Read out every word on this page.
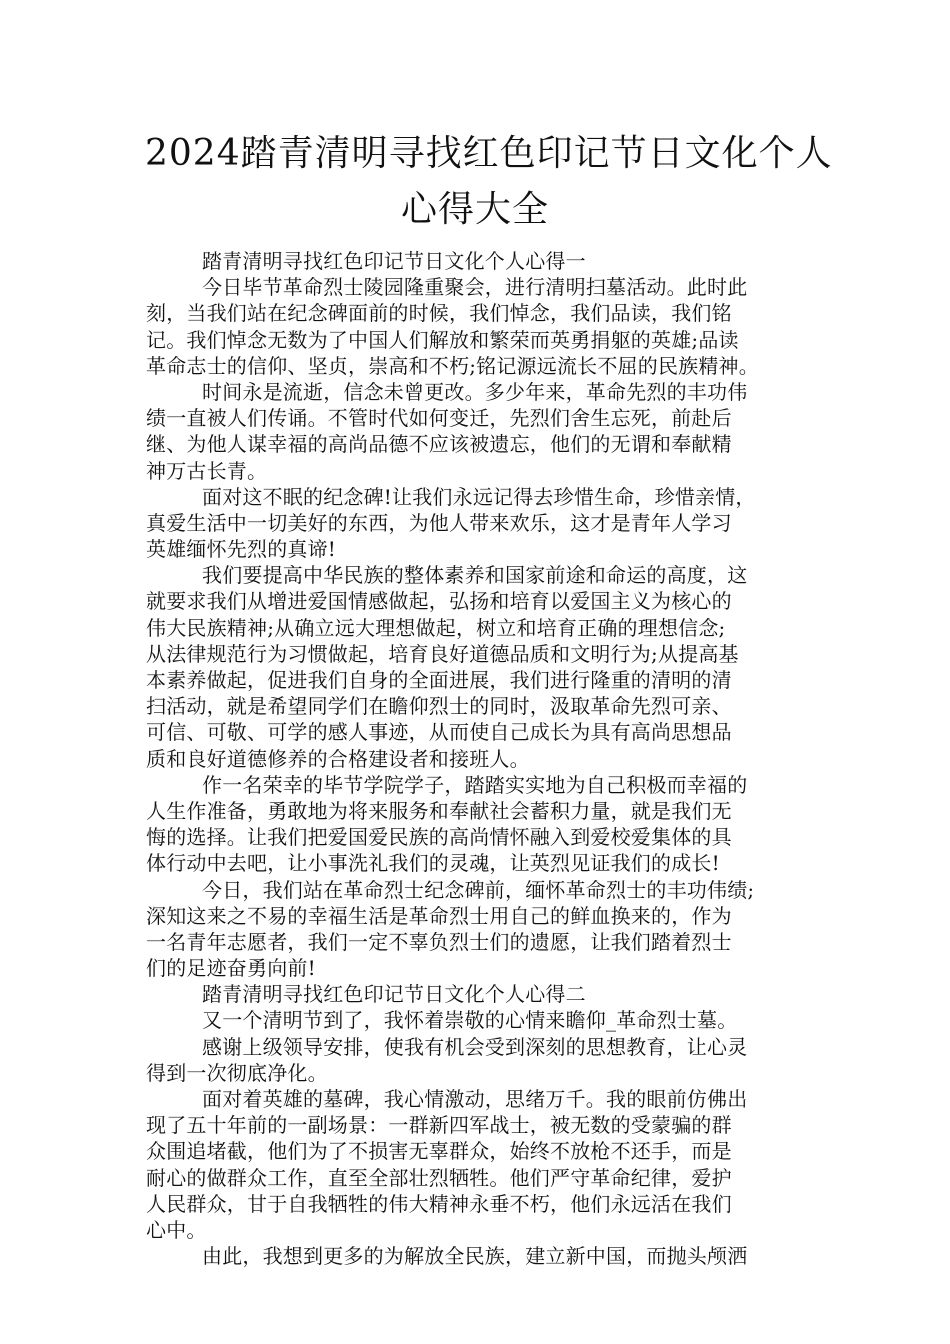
2024踏青清明寻找红色印记节日文化个人
心得大全
踏青清明寻找红色印记节日文化个人心得一
今日毕节革命烈士陵园隆重聚会，进行清明扫墓活动。此时此
刻，当我们站在纪念碑面前的时候，我们悼念，我们品读，我们铭
记。我们悼念无数为了中国人们解放和繁荣而英勇捐躯的英雄;品读
革命志士的信仰、坚贞，崇高和不朽;铭记源远流长不屈的民族精神。
时间永是流逝，信念未曾更改。多少年来，革命先烈的丰功伟
绩一直被人们传诵。不管时代如何变迁，先烈们舍生忘死，前赴后
继、为他人谋幸福的高尚品德不应该被遗忘，他们的无谓和奉献精
神万古长青。
面对这不眠的纪念碑!让我们永远记得去珍惜生命，珍惜亲情，
真爱生活中一切美好的东西，为他人带来欢乐，这才是青年人学习
英雄缅怀先烈的真谛!
我们要提高中华民族的整体素养和国家前途和命运的高度，这
就要求我们从增进爱国情感做起，弘扬和培育以爱国主义为核心的
伟大民族精神;从确立远大理想做起，树立和培育正确的理想信念;
从法律规范行为习惯做起，培育良好道德品质和文明行为;从提高基
本素养做起，促进我们自身的全面进展，我们进行隆重的清明的清
扫活动，就是希望同学们在瞻仰烈士的同时，汲取革命先烈可亲、
可信、可敬、可学的感人事迹，从而使自己成长为具有高尚思想品
质和良好道德修养的合格建设者和接班人。
作一名荣幸的毕节学院学子，踏踏实实地为自己积极而幸福的
人生作准备，勇敢地为将来服务和奉献社会蓄积力量，就是我们无
悔的选择。让我们把爱国爱民族的高尚情怀融入到爱校爱集体的具
体行动中去吧，让小事洗礼我们的灵魂，让英烈见证我们的成长!
今日，我们站在革命烈士纪念碑前，缅怀革命烈士的丰功伟绩;
深知这来之不易的幸福生活是革命烈士用自己的鲜血换来的，作为
一名青年志愿者，我们一定不辜负烈士们的遗愿，让我们踏着烈士
们的足迹奋勇向前!
踏青清明寻找红色印记节日文化个人心得二
又一个清明节到了，我怀着崇敬的心情来瞻仰_革命烈士墓。
感谢上级领导安排，使我有机会受到深刻的思想教育，让心灵
得到一次彻底净化。
面对着英雄的墓碑，我心情激动，思绪万千。我的眼前仿佛出
现了五十年前的一副场景：一群新四军战士，被无数的受蒙骗的群
众围追堵截，他们为了不损害无辜群众，始终不放枪不还手，而是
耐心的做群众工作，直至全部壮烈牺牲。他们严守革命纪律，爱护
人民群众，甘于自我牺牲的伟大精神永垂不朽，他们永远活在我们
心中。
由此，我想到更多的为解放全民族，建立新中国，而抛头颅洒
